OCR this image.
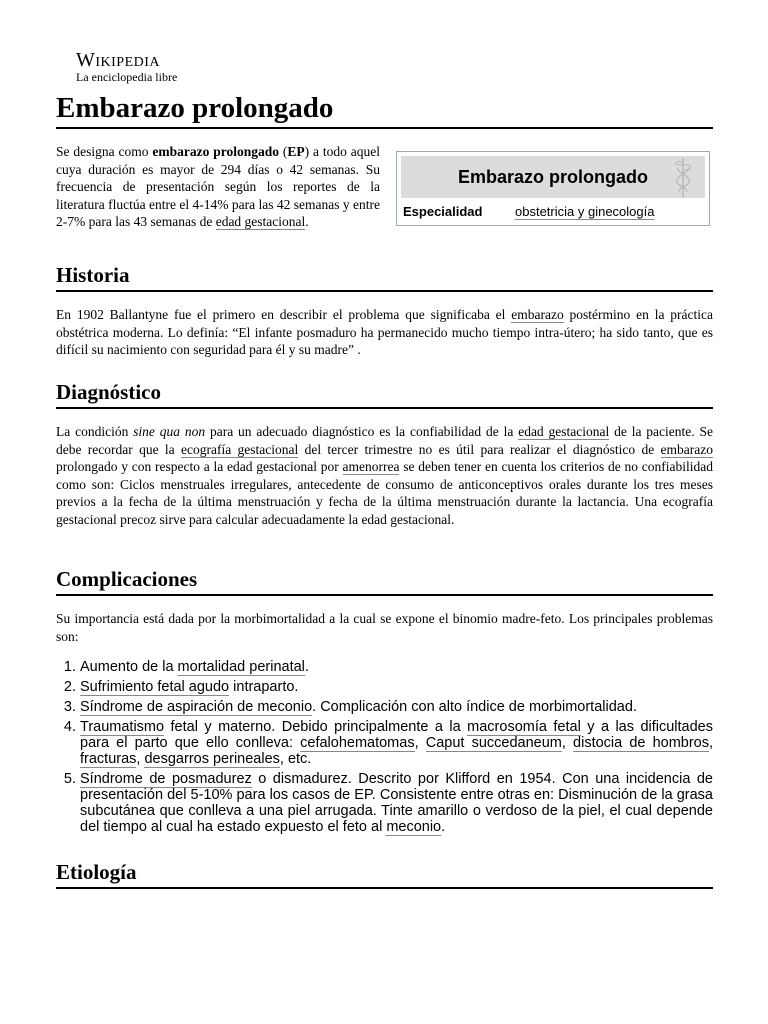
Wikipedia
La enciclopedia libre
Embarazo prolongado

Se designa como embarazo prolongado (EP) a todo aquel cuya duración es mayor de 294 días o 42 semanas. Su frecuencia de presentación según los reportes de la literatura fluctúa entre el 4-14% para las 42 semanas y entre 2-7% para las 43 semanas de edad gestacional.

Embarazo prolongado
Especialidad	obstetricia y ginecología
Historia

En 1902 Ballantyne fue el primero en describir el problema que significaba el embarazo postérmino en la práctica obstétrica moderna. Lo definía: “El infante posmaduro ha permanecido mucho tiempo intra-útero; ha sido tanto, que es difícil su nacimiento con seguridad para él y su madre” .

Diagnóstico

La condición sine qua non para un adecuado diagnóstico es la confiabilidad de la edad gestacional de la paciente. Se debe recordar que la ecografía gestacional del tercer trimestre no es útil para realizar el diagnóstico de embarazo prolongado y con respecto a la edad gestacional por amenorrea se deben tener en cuenta los criterios de no confiabilidad como son: Ciclos menstruales irregulares, antecedente de consumo de anticonceptivos orales durante los tres meses previos a la fecha de la última menstruación y fecha de la última menstruación durante la lactancia. Una ecografía gestacional precoz sirve para calcular adecuadamente la edad gestacional.

Complicaciones

Su importancia está dada por la morbimortalidad a la cual se expone el binomio madre-feto. Los principales problemas son:

1. Aumento de la mortalidad perinatal.
2. Sufrimiento fetal agudo intraparto.
3. Síndrome de aspiración de meconio. Complicación con alto índice de morbimortalidad.
4. Traumatismo fetal y materno. Debido principalmente a la macrosomía fetal y a las dificultades para el parto que ello conlleva: cefalohematomas, Caput succedaneum, distocia de hombros, fracturas, desgarros perineales, etc.
5. Síndrome de posmadurez o dismadurez. Descrito por Klifford en 1954. Con una incidencia de presentación del 5-10% para los casos de EP. Consistente entre otras en: Disminución de la grasa subcutánea que conlleva a una piel arrugada. Tinte amarillo o verdoso de la piel, el cual depende del tiempo al cual ha estado expuesto el feto al meconio.
Etiología
